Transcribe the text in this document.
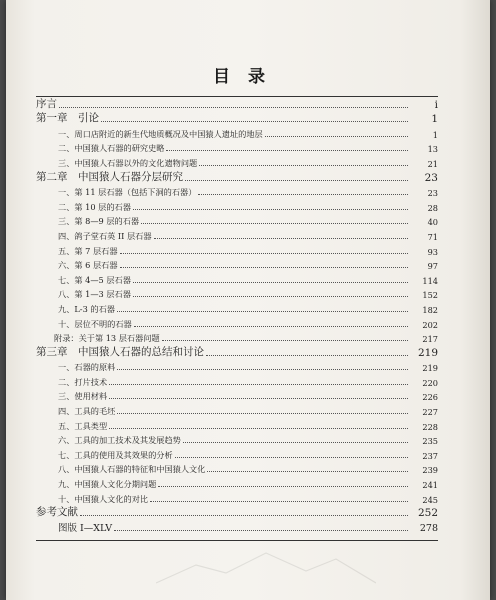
目录
序言	i
第一章　引论	1
一、周口店附近的新生代地质概况及中国猿人遗址的地层	1
二、中国猿人石器的研究史略	13
三、中国猿人石器以外的文化遗物问题	21
第二章　中国猿人石器分层研究	23
一、第 11 层石器（包括下洞的石器）	23
二、第 10 层的石器	28
三、第 8—9 层的石器	40
四、鸽子堂石英 II 层石器	71
五、第 7 层石器	93
六、第 6 层石器	97
七、第 4—5 层石器	114
八、第 1—3 层石器	152
九、L-3 的石器	182
十、层位不明的石器	202
附录：关于第 13 层石器问题	217
第三章　中国猿人石器的总结和讨论	219
一、石器的原料	219
二、打片技术	220
三、使用材料	226
四、工具的毛坯	227
五、工具类型	228
六、工具的加工技术及其发展趋势	235
七、工具的使用及其效果的分析	237
八、中国猿人石器的特征和中国猿人文化	239
九、中国猿人文化分期问题	241
十、中国猿人文化的对比	245
参考文献	252
图版 I—XLV	278
